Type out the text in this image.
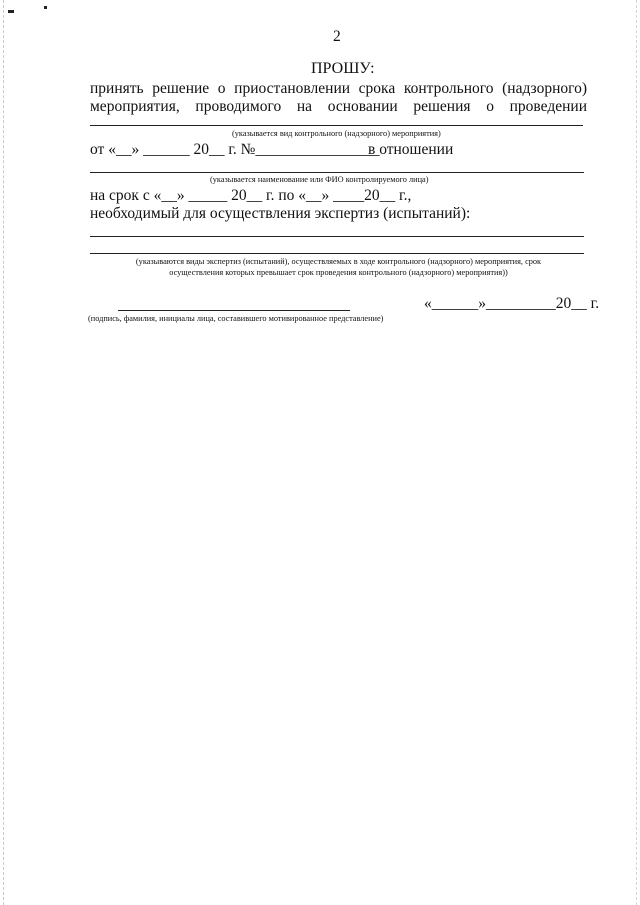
2
ПРОШУ:
принять решение о приостановлении срока контрольного (надзорного)
мероприятия, проводимого на основании решения о проведении
(указывается вид контрольного (надзорного) мероприятия)
от «__» ______ 20__ г. №________________
в отношении
(указывается наименование или ФИО контролируемого лица)
на срок с «__» _____ 20__ г. по «__» ____20__ г.,
необходимый для осуществления экспертиз (испытаний):
(указываются виды экспертиз (испытаний), осуществляемых в ходе контрольного (надзорного) мероприятия, срок
осуществления которых превышает срок проведения контрольного (надзорного) мероприятия))
«______»_________20__ г.
(подпись, фамилия, инициалы лица, составившего мотивированное представление)
